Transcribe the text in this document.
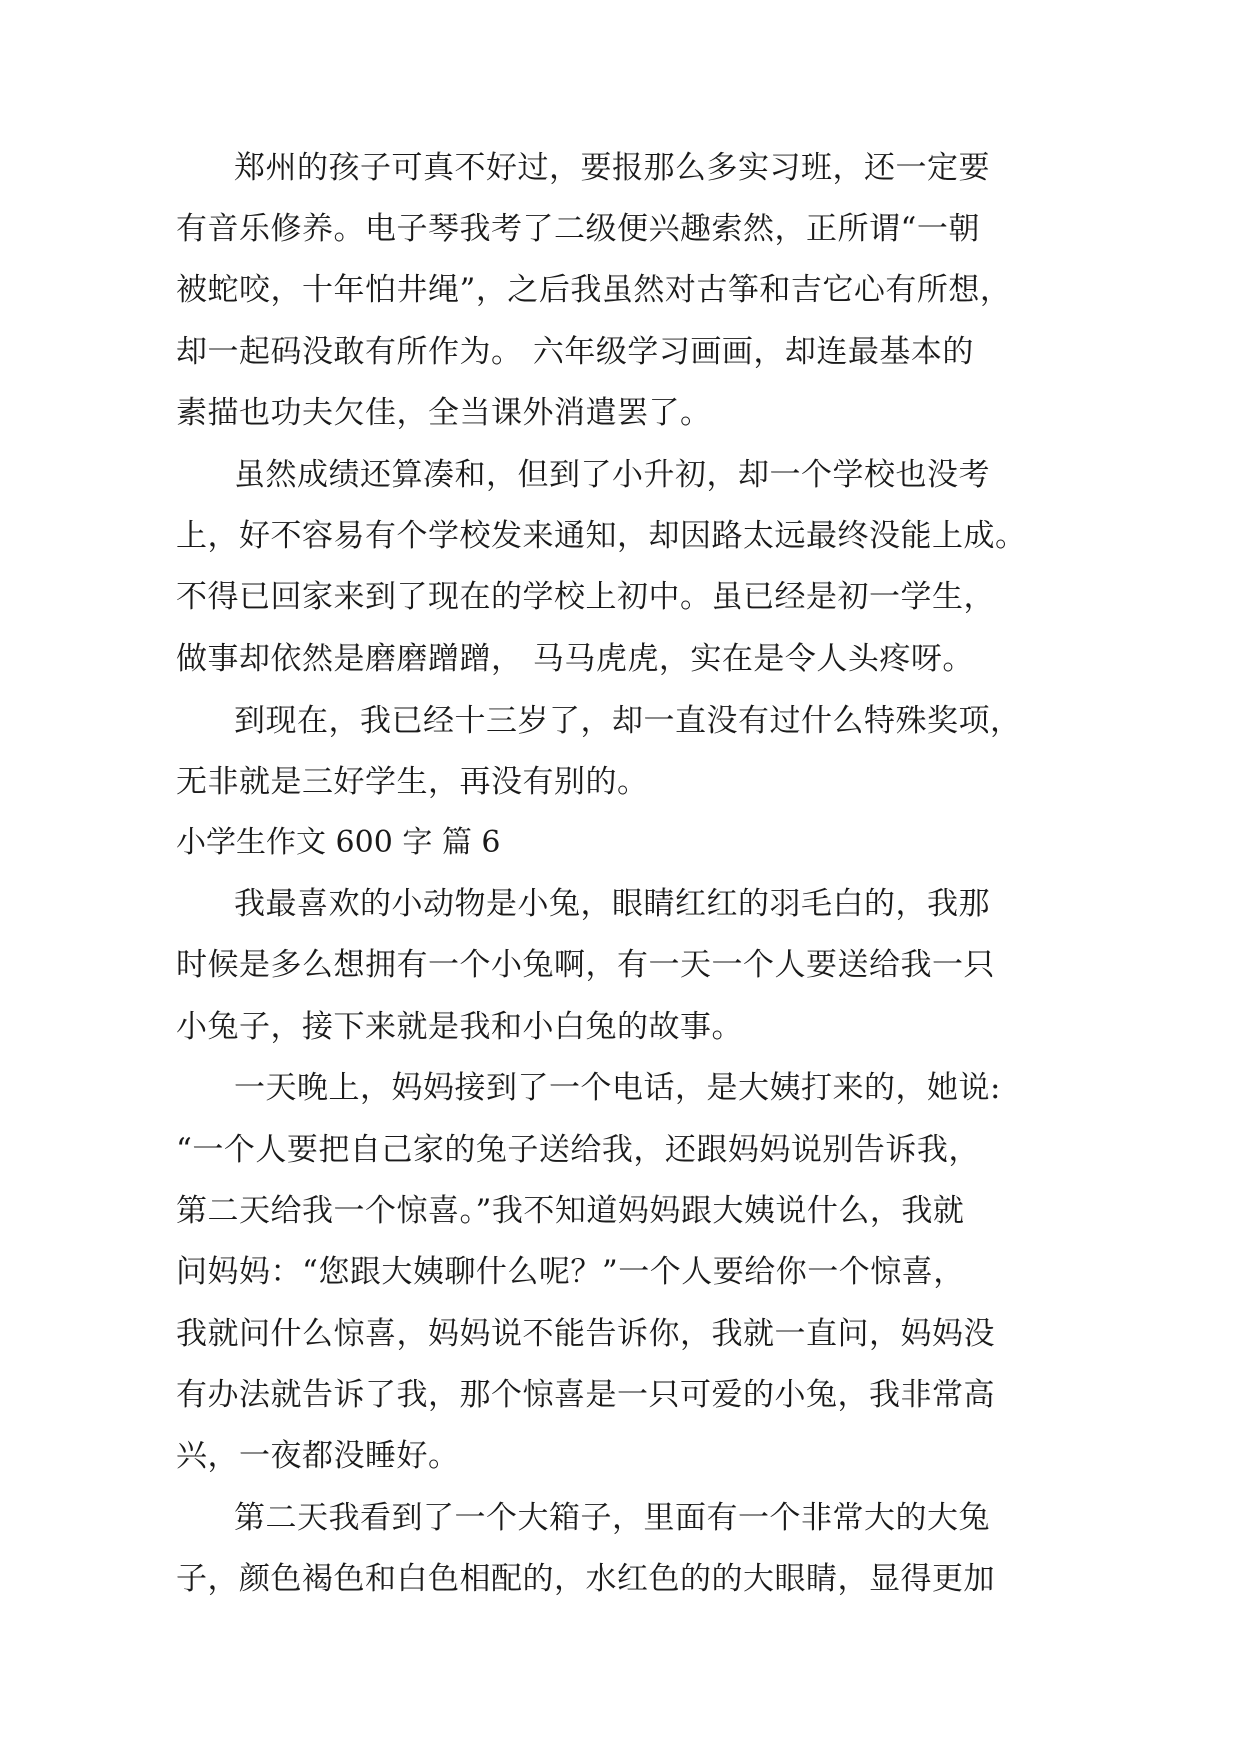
郑州的孩子可真不好过，要报那么多实习班，还一定要
有音乐修养。电子琴我考了二级便兴趣索然，正所谓“一朝
被蛇咬，十年怕井绳”，之后我虽然对古筝和吉它心有所想，
却一起码没敢有所作为。 六年级学习画画，却连最基本的
素描也功夫欠佳，全当课外消遣罢了。
虽然成绩还算凑和，但到了小升初，却一个学校也没考
上，好不容易有个学校发来通知，却因路太远最终没能上成。
不得已回家来到了现在的学校上初中。虽已经是初一学生，
做事却依然是磨磨蹭蹭， 马马虎虎，实在是令人头疼呀。
到现在，我已经十三岁了，却一直没有过什么特殊奖项，
无非就是三好学生，再没有别的。
小学生作文 600 字 篇 6
我最喜欢的小动物是小兔，眼睛红红的羽毛白的，我那
时候是多么想拥有一个小兔啊，有一天一个人要送给我一只
小兔子，接下来就是我和小白兔的故事。
一天晚上，妈妈接到了一个电话，是大姨打来的，她说:
“一个人要把自己家的兔子送给我，还跟妈妈说别告诉我，
第二天给我一个惊喜。”我不知道妈妈跟大姨说什么，我就
问妈妈：“您跟大姨聊什么呢？”一个人要给你一个惊喜，
我就问什么惊喜，妈妈说不能告诉你，我就一直问，妈妈没
有办法就告诉了我，那个惊喜是一只可爱的小兔，我非常高
兴，一夜都没睡好。
第二天我看到了一个大箱子，里面有一个非常大的大兔
子，颜色褐色和白色相配的，水红色的的大眼睛，显得更加
